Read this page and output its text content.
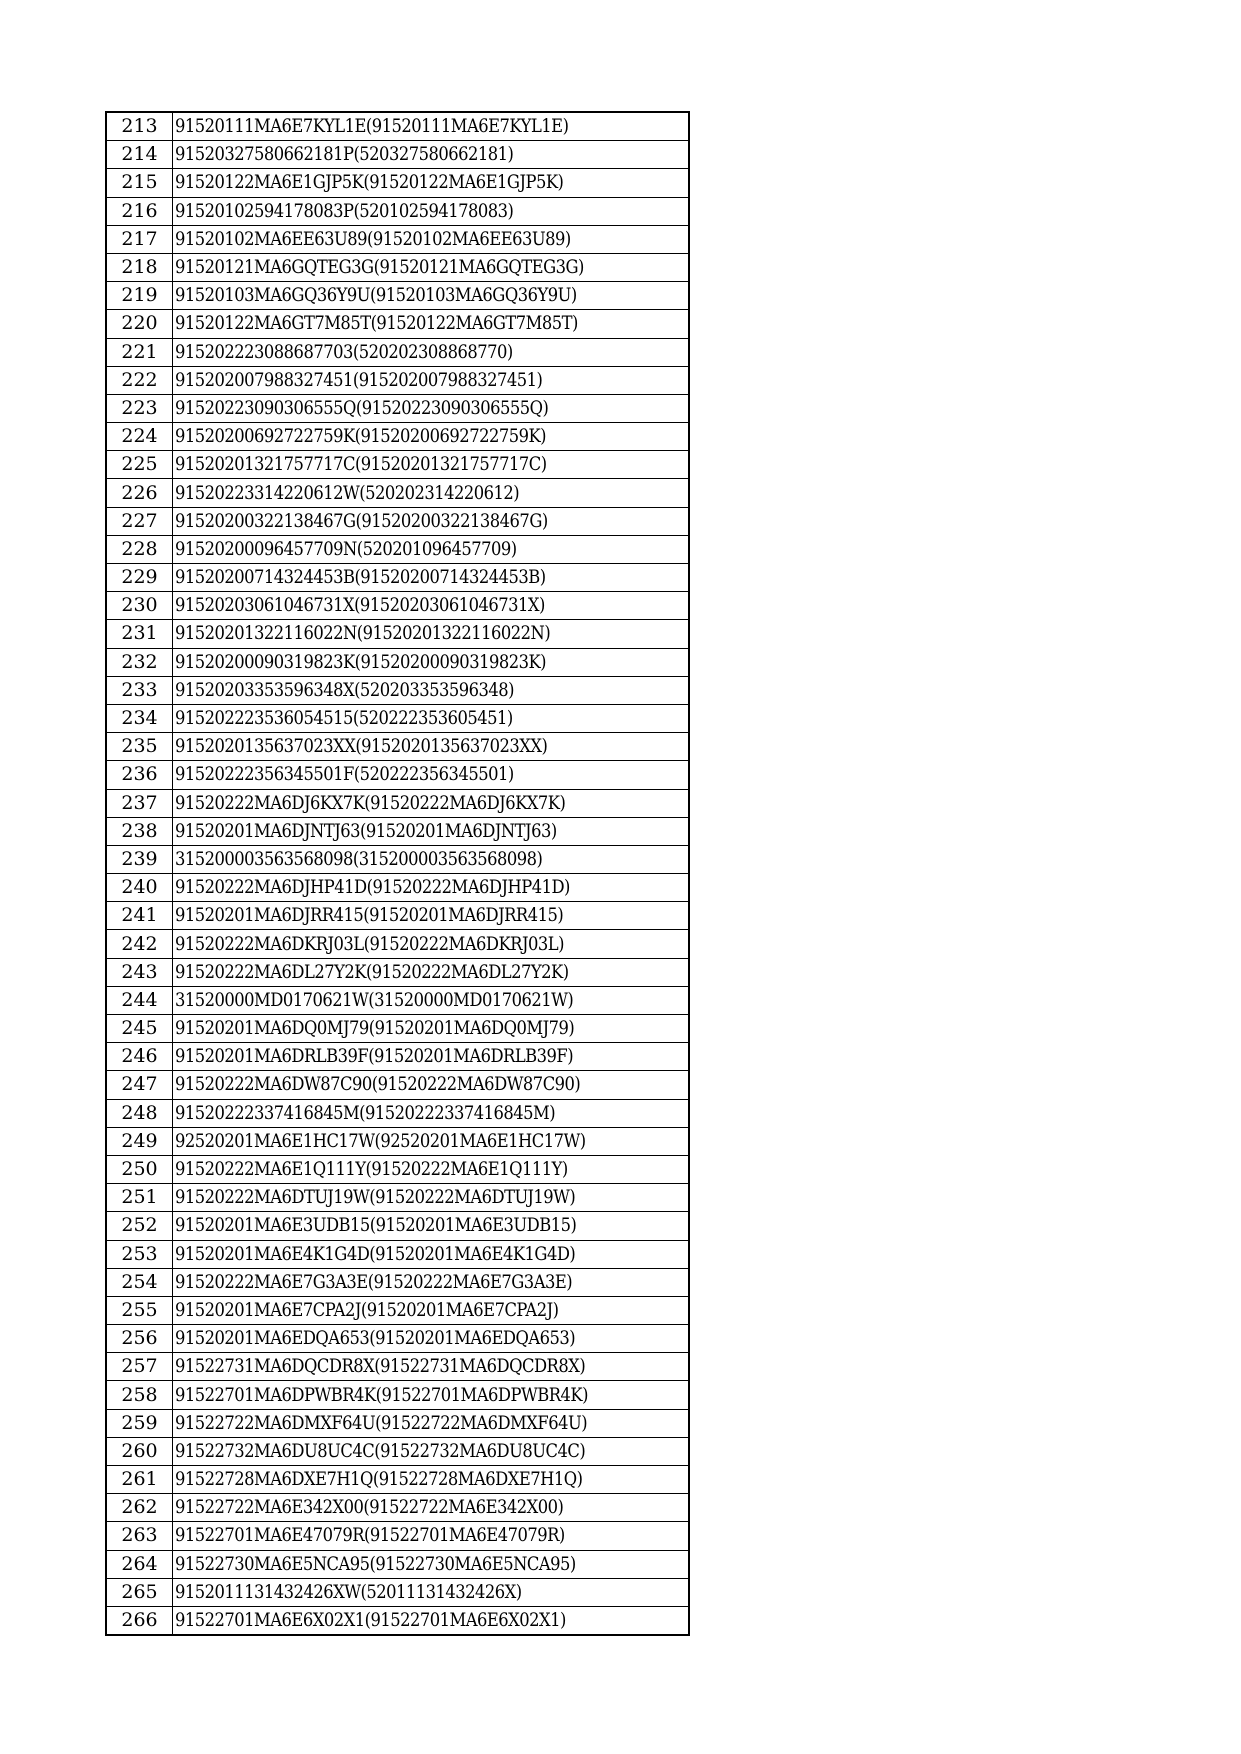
213	91520111MA6E7KYL1E(91520111MA6E7KYL1E)
214	91520327580662181P(520327580662181)
215	91520122MA6E1GJP5K(91520122MA6E1GJP5K)
216	91520102594178083P(520102594178083)
217	91520102MA6EE63U89(91520102MA6EE63U89)
218	91520121MA6GQTEG3G(91520121MA6GQTEG3G)
219	91520103MA6GQ36Y9U(91520103MA6GQ36Y9U)
220	91520122MA6GT7M85T(91520122MA6GT7M85T)
221	915202223088687703(520202308868770)
222	915202007988327451(915202007988327451)
223	91520223090306555Q(91520223090306555Q)
224	91520200692722759K(91520200692722759K)
225	91520201321757717C(91520201321757717C)
226	91520223314220612W(520202314220612)
227	91520200322138467G(91520200322138467G)
228	91520200096457709N(520201096457709)
229	91520200714324453B(91520200714324453B)
230	91520203061046731X(91520203061046731X)
231	91520201322116022N(91520201322116022N)
232	91520200090319823K(91520200090319823K)
233	91520203353596348X(520203353596348)
234	915202223536054515(520222353605451)
235	9152020135637023XX(9152020135637023XX)
236	91520222356345501F(520222356345501)
237	91520222MA6DJ6KX7K(91520222MA6DJ6KX7K)
238	91520201MA6DJNTJ63(91520201MA6DJNTJ63)
239	315200003563568098(315200003563568098)
240	91520222MA6DJHP41D(91520222MA6DJHP41D)
241	91520201MA6DJRR415(91520201MA6DJRR415)
242	91520222MA6DKRJ03L(91520222MA6DKRJ03L)
243	91520222MA6DL27Y2K(91520222MA6DL27Y2K)
244	31520000MD0170621W(31520000MD0170621W)
245	91520201MA6DQ0MJ79(91520201MA6DQ0MJ79)
246	91520201MA6DRLB39F(91520201MA6DRLB39F)
247	91520222MA6DW87C90(91520222MA6DW87C90)
248	91520222337416845M(91520222337416845M)
249	92520201MA6E1HC17W(92520201MA6E1HC17W)
250	91520222MA6E1Q111Y(91520222MA6E1Q111Y)
251	91520222MA6DTUJ19W(91520222MA6DTUJ19W)
252	91520201MA6E3UDB15(91520201MA6E3UDB15)
253	91520201MA6E4K1G4D(91520201MA6E4K1G4D)
254	91520222MA6E7G3A3E(91520222MA6E7G3A3E)
255	91520201MA6E7CPA2J(91520201MA6E7CPA2J)
256	91520201MA6EDQA653(91520201MA6EDQA653)
257	91522731MA6DQCDR8X(91522731MA6DQCDR8X)
258	91522701MA6DPWBR4K(91522701MA6DPWBR4K)
259	91522722MA6DMXF64U(91522722MA6DMXF64U)
260	91522732MA6DU8UC4C(91522732MA6DU8UC4C)
261	91522728MA6DXE7H1Q(91522728MA6DXE7H1Q)
262	91522722MA6E342X00(91522722MA6E342X00)
263	91522701MA6E47079R(91522701MA6E47079R)
264	91522730MA6E5NCA95(91522730MA6E5NCA95)
265	9152011131432426XW(52011131432426X)
266	91522701MA6E6X02X1(91522701MA6E6X02X1)
